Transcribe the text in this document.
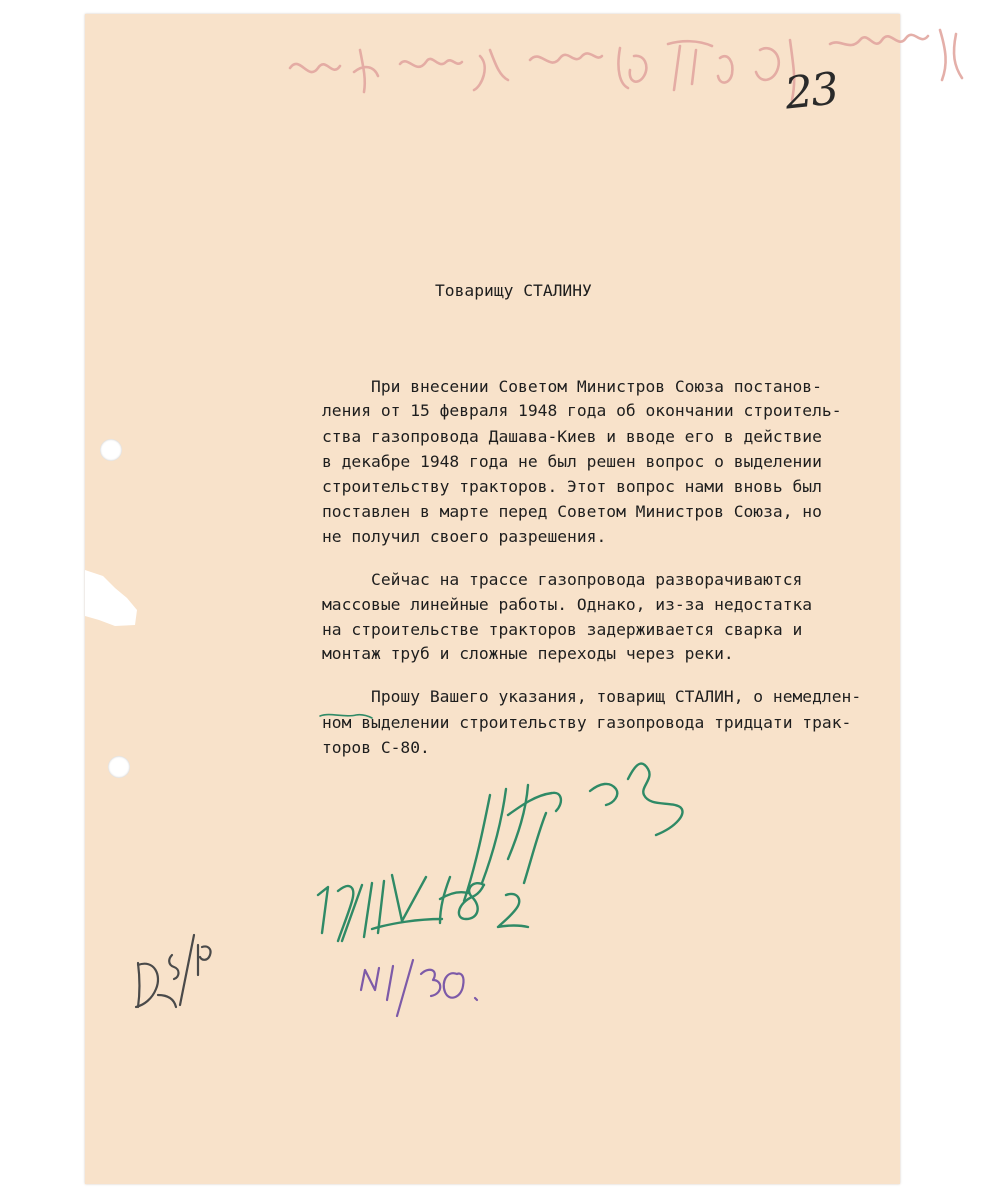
23
Товарищу СТАЛИНУ
При внесении Советом Министров Союза постанов-
ления от 15 февраля 1948 года об окончании строитель-
ства газопровода Дашава-Киев и вводе его в действие
в декабре 1948 года не был решен вопрос о выделении
строительству тракторов. Этот вопрос нами вновь был
поставлен в марте перед Советом Министров Союза, но
не получил своего разрешения.
Сейчас на трассе газопровода разворачиваются
массовые линейные работы. Однако, из-за недостатка
на строительстве тракторов задерживается сварка и
монтаж труб и сложные переходы через реки.
Прошу Вашего указания, товарищ СТАЛИН, о немедлен-
ном выделении строительству газопровода тридцати трак-
торов С-80.
